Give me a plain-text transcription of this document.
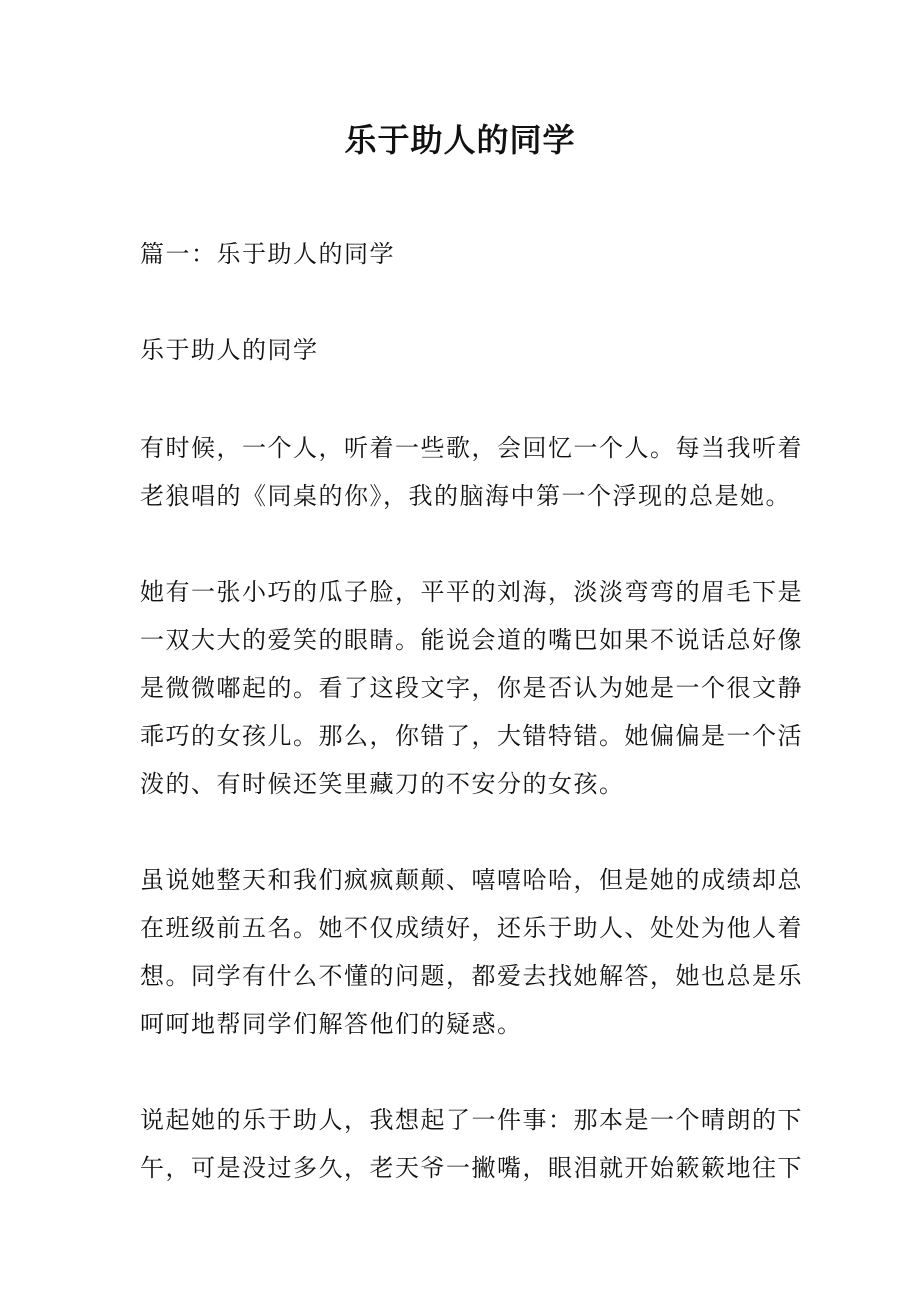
乐于助人的同学

篇一：乐于助人的同学

乐于助人的同学

有时候，一个人，听着一些歌，会回忆一个人。每当我听着
老狼唱的《同桌的你》，我的脑海中第一个浮现的总是她。
她有一张小巧的瓜子脸，平平的刘海，淡淡弯弯的眉毛下是
一双大大的爱笑的眼睛。能说会道的嘴巴如果不说话总好像
是微微嘟起的。看了这段文字，你是否认为她是一个很文静
乖巧的女孩儿。那么，你错了，大错特错。她偏偏是一个活
泼的、有时候还笑里藏刀的不安分的女孩。
虽说她整天和我们疯疯颠颠、嘻嘻哈哈，但是她的成绩却总
在班级前五名。她不仅成绩好，还乐于助人、处处为他人着
想。同学有什么不懂的问题，都爱去找她解答，她也总是乐
呵呵地帮同学们解答他们的疑惑。
说起她的乐于助人，我想起了一件事：那本是一个晴朗的下
午，可是没过多久，老天爷一撇嘴，眼泪就开始簌簌地往下
